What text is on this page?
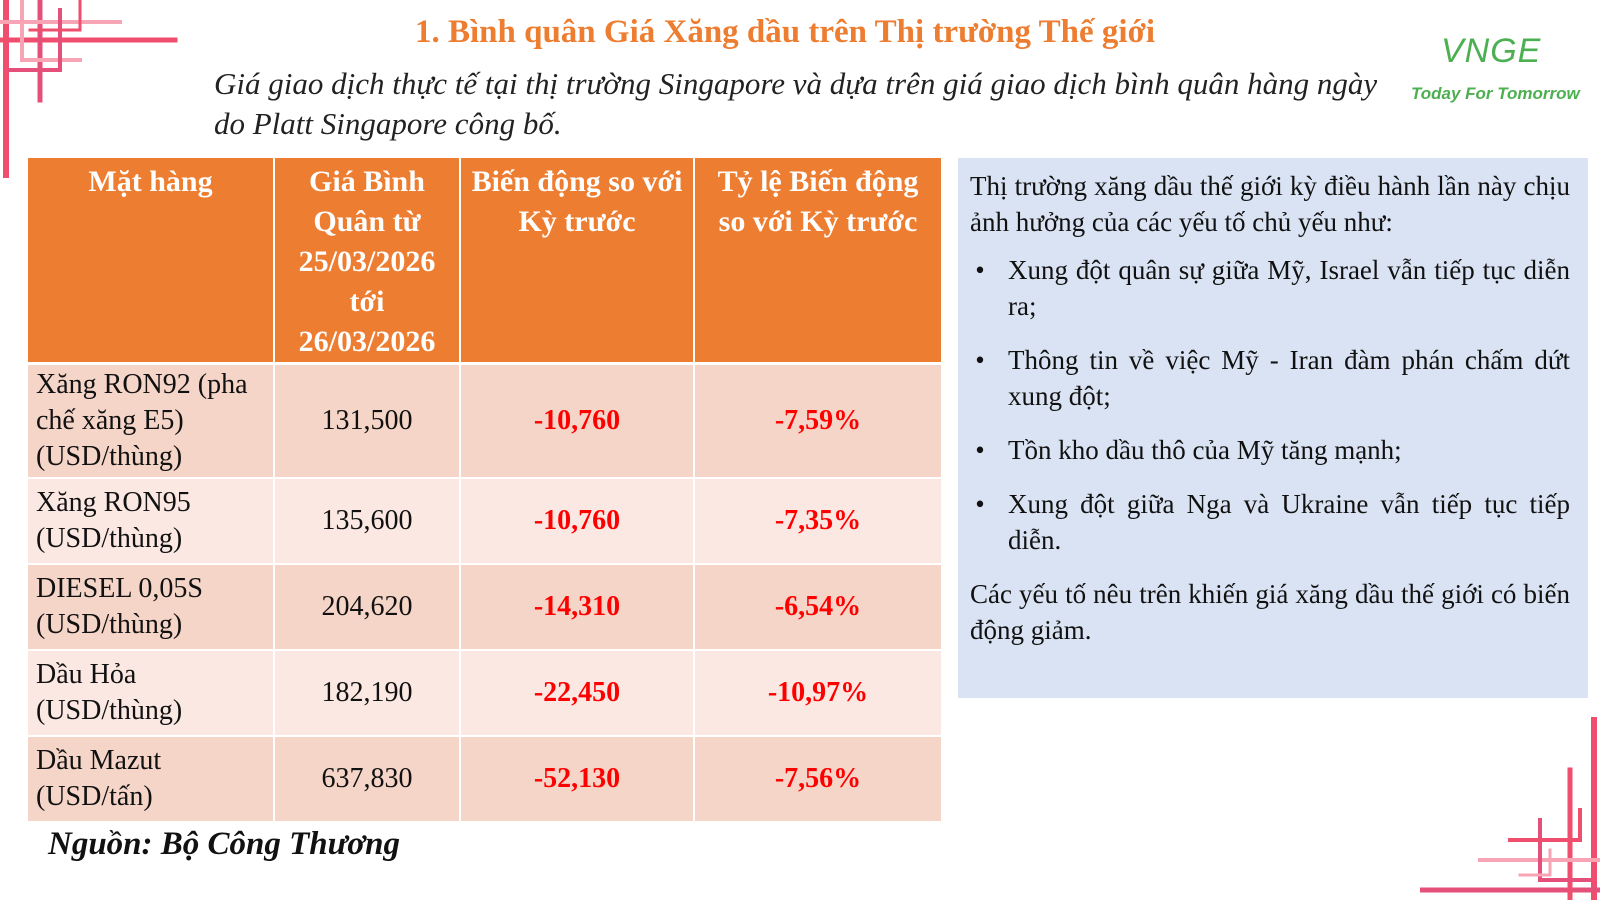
1. Bình quân Giá Xăng dầu trên Thị trường Thế giới
Giá giao dịch thực tế tại thị trường Singapore và dựa trên giá giao dịch bình quân hàng ngày do Platt Singapore công bố.
VNGE
Today For Tomorrow
Mặt hàng	Giá Bình Quân từ 25/03/2026 tới 26/03/2026	Biến động so với Kỳ trước	Tỷ lệ Biến động so với Kỳ trước
Xăng RON92 (pha chế xăng E5) (USD/thùng)	131,500	-10,760	-7,59%
Xăng RON95 (USD/thùng)	135,600	-10,760	-7,35%
DIESEL 0,05S (USD/thùng)	204,620	-14,310	-6,54%
Dầu Hỏa (USD/thùng)	182,190	-22,450	-10,97%
Dầu Mazut (USD/tấn)	637,830	-52,130	-7,56%
Nguồn: Bộ Công Thương

Thị trường xăng dầu thế giới kỳ điều hành lần này chịu ảnh hưởng của các yếu tố chủ yếu như:

• Xung đột quân sự giữa Mỹ, Israel vẫn tiếp tục diễn ra;
• Thông tin về việc Mỹ - Iran đàm phán chấm dứt xung đột;
• Tồn kho dầu thô của Mỹ tăng mạnh;
• Xung đột giữa Nga và Ukraine vẫn tiếp tục tiếp diễn.

Các yếu tố nêu trên khiến giá xăng dầu thế giới có biến động giảm.
